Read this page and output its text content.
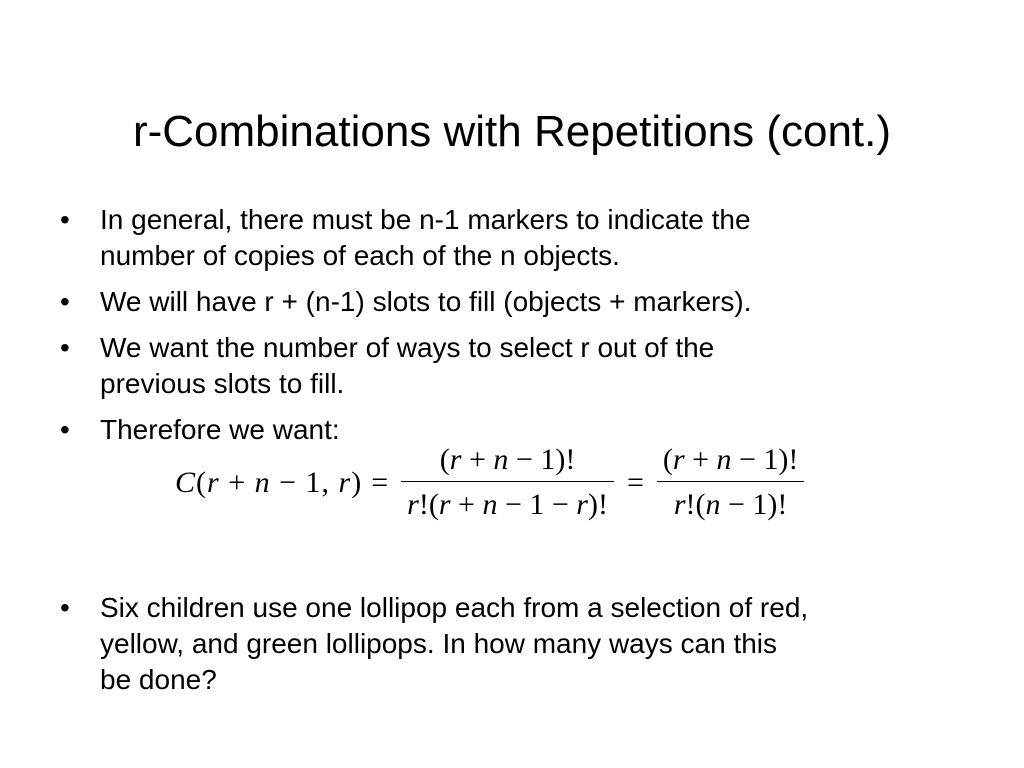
r-Combinations with Repetitions (cont.)
• In general, there must be n-1 markers to indicate the
number of copies of each of the n objects.
• We will have r + (n-1) slots to fill (objects + markers).
• We want the number of ways to select r out of the
previous slots to fill.
• Therefore we want:
C(r + n − 1, $r) = \frac{(r + n - 1)!}{r!(r + n - 1 - r)!} = \frac{(r + n - 1)!}{r!(n - 1)!}$
• Six children use one lollipop each from a selection of red,
yellow, and green lollipops. In how many ways can this
be done?
